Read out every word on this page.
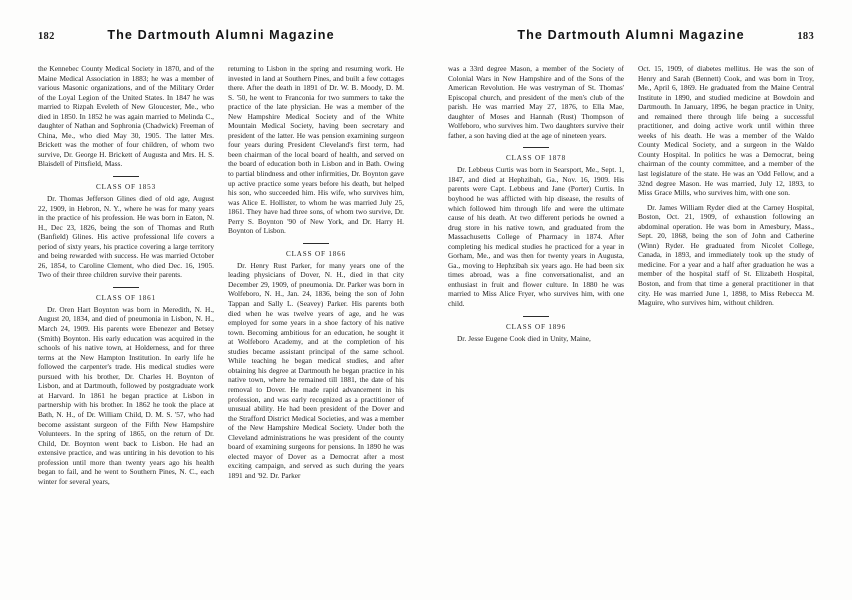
182	The Dartmouth Alumni Magazine

the Kennebec County Medical Society in 1870, and of the Maine Medical Association in 1883; he was a member of various Masonic organizations, and of the Military Order of the Loyal Legion of the United States. In 1847 he was married to Rizpah Eveleth of New Gloucester, Me., who died in 1850. In 1852 he was again married to Melinda C., daughter of Nathan and Sophronia (Chadwick) Freeman of China, Me., who died May 30, 1905. The latter Mrs. Brickett was the mother of four children, of whom two survive, Dr. George H. Brickett of Augusta and Mrs. H. S. Blaisdell of Pittsfield, Mass.

CLASS OF 1853

Dr. Thomas Jefferson Glines died of old age, August 22, 1909, in Hebron, N. Y., where he was for many years in the practice of his profession. He was born in Eaton, N. H., Dec 23, 1826, being the son of Thomas and Ruth (Banfield) Glines. His active professional life covers a period of sixty years, his practice covering a large territory and being rewarded with success. He was married October 26, 1854, to Caroline Clement, who died Dec. 16, 1905. Two of their three children survive their parents.

CLASS OF 1861

Dr. Oren Hart Boynton was born in Meredith, N. H., August 20, 1834, and died of pneumonia in Lisbon, N. H., March 24, 1909. His parents were Ebenezer and Betsey (Smith) Boynton. His early education was acquired in the schools of his native town, at Holderness, and for three terms at the New Hampton Institution. In early life he followed the carpenter's trade. His medical studies were pursued with his brother, Dr. Charles H. Boynton of Lisbon, and at Dartmouth, followed by postgraduate work at Harvard. In 1861 he began practice at Lisbon in partnership with his brother. In 1862 he took the place at Bath, N. H., of Dr. William Child, D. M. S. '57, who had become assistant surgeon of the Fifth New Hampshire Volunteers. In the spring of 1865, on the return of Dr. Child, Dr. Boynton went back to Lisbon. He had an extensive practice, and was untiring in his devotion to his profession until more than twenty years ago his health began to fail, and he went to Southern Pines, N. C., each winter for several years,

returning to Lisbon in the spring and resuming work. He invested in land at Southern Pines, and built a few cottages there. After the death in 1891 of Dr. W. B. Moody, D. M. S. '50, he went to Franconia for two summers to take the practice of the late physician. He was a member of the New Hampshire Medical Society and of the White Mountain Medical Society, having been secretary and president of the latter. He was pension examining surgeon four years during President Cleveland's first term, had been chairman of the local board of health, and served on the board of education both in Lisbon and in Bath. Owing to partial blindness and other infirmities, Dr. Boynton gave up active practice some years before his death, but helped his son, who succeeded him. His wife, who survives him, was Alice E. Hollister, to whom he was married July 25, 1861. They have had three sons, of whom two survive, Dr. Perry S. Boynton '90 of New York, and Dr. Harry H. Boynton of Lisbon.

CLASS OF 1866

Dr. Henry Rust Parker, for many years one of the leading physicians of Dover, N. H., died in that city December 29, 1909, of pneumonia. Dr. Parker was born in Wolfeboro, N. H., Jan. 24, 1836, being the son of John Tappan and Sally L. (Seavey) Parker. His parents both died when he was twelve years of age, and he was employed for some years in a shoe factory of his native town. Becoming ambitious for an education, he sought it at Wolfeboro Academy, and at the completion of his studies became assistant principal of the same school. While teaching he began medical studies, and after obtaining his degree at Dartmouth he began practice in his native town, where he remained till 1881, the date of his removal to Dover. He made rapid advancement in his profession, and was early recognized as a practitioner of unusual ability. He had been president of the Dover and the Strafford District Medical Societies, and was a member of the New Hampshire Medical Society. Under both the Cleveland administrations he was president of the county board of examining surgeons for pensions. In 1890 he was elected mayor of Dover as a Democrat after a most exciting campaign, and served as such during the years 1891 and '92. Dr. Parker

The Dartmouth Alumni Magazine	183

was a 33rd degree Mason, a member of the Society of Colonial Wars in New Hampshire and of the Sons of the American Revolution. He was vestryman of St. Thomas' Episcopal church, and president of the men's club of the parish. He was married May 27, 1876, to Ella Mae, daughter of Moses and Hannah (Rust) Thompson of Wolfeboro, who survives him. Two daughters survive their father, a son having died at the age of nineteen years.

CLASS OF 1878

Dr. Lebbeus Curtis was born in Searsport, Me., Sept. 1, 1847, and died at Hephzibah, Ga., Nov. 16, 1909. His parents were Capt. Lebbeus and Jane (Porter) Curtis. In boyhood he was afflicted with hip disease, the results of which followed him through life and were the ultimate cause of his death. At two different periods he owned a drug store in his native town, and graduated from the Massachusetts College of Pharmacy in 1874. After completing his medical studies he practiced for a year in Gorham, Me., and was then for twenty years in Augusta, Ga., moving to Hephzibah six years ago. He had been six times abroad, was a fine conversationalist, and an enthusiast in fruit and flower culture. In 1880 he was married to Miss Alice Fryer, who survives him, with one child.

CLASS OF 1896

Dr. Jesse Eugene Cook died in Unity, Maine,

Oct. 15, 1909, of diabetes mellitus. He was the son of Henry and Sarah (Bennett) Cook, and was born in Troy, Me., April 6, 1869. He graduated from the Maine Central Institute in 1890, and studied medicine at Bowdoin and Dartmouth. In January, 1896, he began practice in Unity, and remained there through life being a successful practitioner, and doing active work until within three weeks of his death. He was a member of the Waldo County Medical Society, and a surgeon in the Waldo County Hospital. In politics he was a Democrat, being chairman of the county committee, and a member of the last legislature of the state. He was an 'Odd Fellow, and a 32nd degree Mason. He was married, July 12, 1893, to Miss Grace Mills, who survives him, with one son.

Dr. James William Ryder died at the Carney Hospital, Boston, Oct. 21, 1909, of exhaustion following an abdominal operation. He was born in Amesbury, Mass., Sept. 20, 1868, being the son of John and Catherine (Winn) Ryder. He graduated from Nicolet College, Canada, in 1893, and immediately took up the study of medicine. For a year and a half after graduation he was a member of the hospital staff of St. Elizabeth Hospital, Boston, and from that time a general practitioner in that city. He was married June 1, 1898, to Miss Rebecca M. Maguire, who survives him, without children.
